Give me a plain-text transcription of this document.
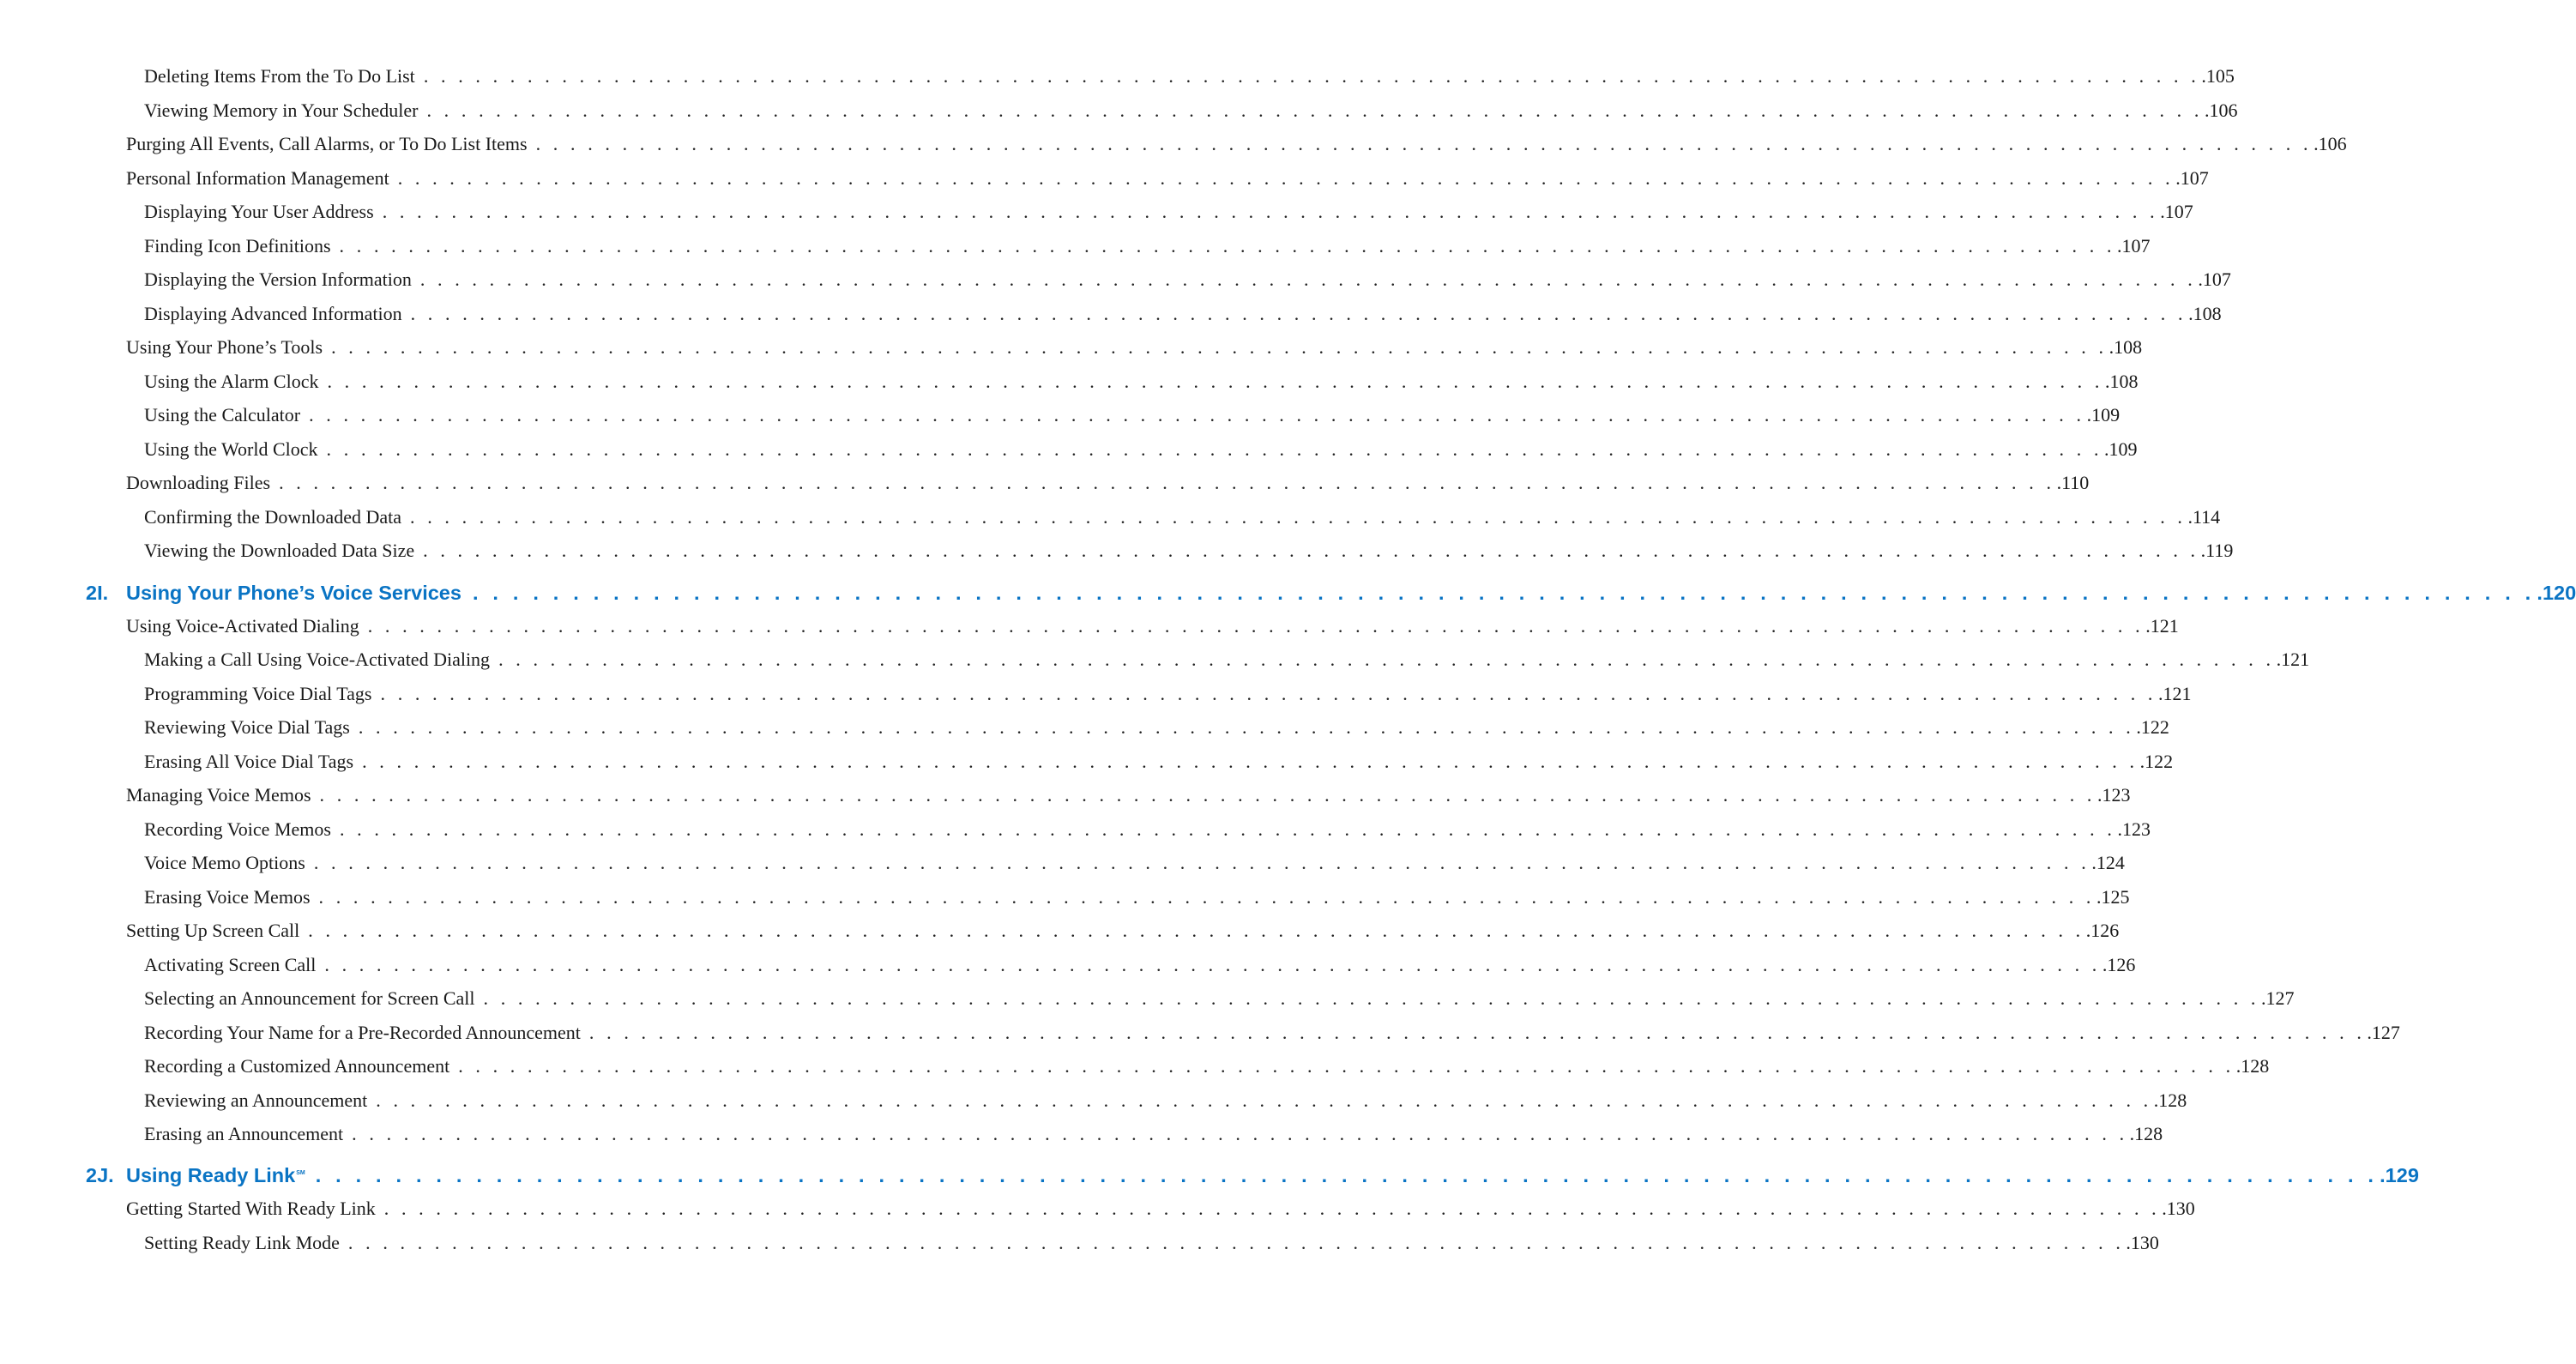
Deleting Items From the To Do List . . . . . . . . . . . . . . . . . . . . . . . . . . . . . . . . . . . . . . . . . . . . . . . . . . . . . . . . . . . . . . . . . . . . . . . . . . . . . . . . . . . . . . . . . . . . . . . . . . . . . . . .105
Viewing Memory in Your Scheduler . . . . . . . . . . . . . . . . . . . . . . . . . . . . . . . . . . . . . . . . . . . . . . . . . . . . . . . . . . . . . . . . . . . . . . . . . . . . . . . . . . . . . . . . . . . . . . . . . . . . . . . .106
Purging All Events, Call Alarms, or To Do List Items . . . . . . . . . . . . . . . . . . . . . . . . . . . . . . . . . . . . . . . . . . . . . . . . . . . . . . . . . . . . . . . . . . . . . . . . . . . . . . . . . . . . . . . . . . . . . . . . . . . . . . . .106
Personal Information Management . . . . . . . . . . . . . . . . . . . . . . . . . . . . . . . . . . . . . . . . . . . . . . . . . . . . . . . . . . . . . . . . . . . . . . . . . . . . . . . . . . . . . . . . . . . . . . . . . . . . . . . .107
Displaying Your User Address . . . . . . . . . . . . . . . . . . . . . . . . . . . . . . . . . . . . . . . . . . . . . . . . . . . . . . . . . . . . . . . . . . . . . . . . . . . . . . . . . . . . . . . . . . . . . . . . . . . . . . . .107
Finding Icon Definitions . . . . . . . . . . . . . . . . . . . . . . . . . . . . . . . . . . . . . . . . . . . . . . . . . . . . . . . . . . . . . . . . . . . . . . . . . . . . . . . . . . . . . . . . . . . . . . . . . . . . . . . .107
Displaying the Version Information . . . . . . . . . . . . . . . . . . . . . . . . . . . . . . . . . . . . . . . . . . . . . . . . . . . . . . . . . . . . . . . . . . . . . . . . . . . . . . . . . . . . . . . . . . . . . . . . . . . . . . . .107
Displaying Advanced Information . . . . . . . . . . . . . . . . . . . . . . . . . . . . . . . . . . . . . . . . . . . . . . . . . . . . . . . . . . . . . . . . . . . . . . . . . . . . . . . . . . . . . . . . . . . . . . . . . . . . . . . .108
Using Your Phone’s Tools . . . . . . . . . . . . . . . . . . . . . . . . . . . . . . . . . . . . . . . . . . . . . . . . . . . . . . . . . . . . . . . . . . . . . . . . . . . . . . . . . . . . . . . . . . . . . . . . . . . . . . . .108
Using the Alarm Clock . . . . . . . . . . . . . . . . . . . . . . . . . . . . . . . . . . . . . . . . . . . . . . . . . . . . . . . . . . . . . . . . . . . . . . . . . . . . . . . . . . . . . . . . . . . . . . . . . . . . . . . .108
Using the Calculator . . . . . . . . . . . . . . . . . . . . . . . . . . . . . . . . . . . . . . . . . . . . . . . . . . . . . . . . . . . . . . . . . . . . . . . . . . . . . . . . . . . . . . . . . . . . . . . . . . . . . . . .109
Using the World Clock . . . . . . . . . . . . . . . . . . . . . . . . . . . . . . . . . . . . . . . . . . . . . . . . . . . . . . . . . . . . . . . . . . . . . . . . . . . . . . . . . . . . . . . . . . . . . . . . . . . . . . . .109
Downloading Files . . . . . . . . . . . . . . . . . . . . . . . . . . . . . . . . . . . . . . . . . . . . . . . . . . . . . . . . . . . . . . . . . . . . . . . . . . . . . . . . . . . . . . . . . . . . . . . . . . . . . . . .110
Confirming the Downloaded Data . . . . . . . . . . . . . . . . . . . . . . . . . . . . . . . . . . . . . . . . . . . . . . . . . . . . . . . . . . . . . . . . . . . . . . . . . . . . . . . . . . . . . . . . . . . . . . . . . . . . . . . .114
Viewing the Downloaded Data Size . . . . . . . . . . . . . . . . . . . . . . . . . . . . . . . . . . . . . . . . . . . . . . . . . . . . . . . . . . . . . . . . . . . . . . . . . . . . . . . . . . . . . . . . . . . . . . . . . . . . . . . .119
2I. Using Your Phone’s Voice Services . . . . . . . . . . . . . . . . . . . . . . . . . . . . . . . . . . . . . . . . . . . . . . . . . . . . . . . . . . . . . . . . . . . . . . . . . . . . . . . . . . . . . . . . . . . . . . . . . . . . . . . .120
Using Voice-Activated Dialing . . . . . . . . . . . . . . . . . . . . . . . . . . . . . . . . . . . . . . . . . . . . . . . . . . . . . . . . . . . . . . . . . . . . . . . . . . . . . . . . . . . . . . . . . . . . . . . . . . . . . . . .121
Making a Call Using Voice-Activated Dialing . . . . . . . . . . . . . . . . . . . . . . . . . . . . . . . . . . . . . . . . . . . . . . . . . . . . . . . . . . . . . . . . . . . . . . . . . . . . . . . . . . . . . . . . . . . . . . . . . . . . . . . .121
Programming Voice Dial Tags . . . . . . . . . . . . . . . . . . . . . . . . . . . . . . . . . . . . . . . . . . . . . . . . . . . . . . . . . . . . . . . . . . . . . . . . . . . . . . . . . . . . . . . . . . . . . . . . . . . . . . . .121
Reviewing Voice Dial Tags . . . . . . . . . . . . . . . . . . . . . . . . . . . . . . . . . . . . . . . . . . . . . . . . . . . . . . . . . . . . . . . . . . . . . . . . . . . . . . . . . . . . . . . . . . . . . . . . . . . . . . . .122
Erasing All Voice Dial Tags . . . . . . . . . . . . . . . . . . . . . . . . . . . . . . . . . . . . . . . . . . . . . . . . . . . . . . . . . . . . . . . . . . . . . . . . . . . . . . . . . . . . . . . . . . . . . . . . . . . . . . . .122
Managing Voice Memos . . . . . . . . . . . . . . . . . . . . . . . . . . . . . . . . . . . . . . . . . . . . . . . . . . . . . . . . . . . . . . . . . . . . . . . . . . . . . . . . . . . . . . . . . . . . . . . . . . . . . . . .123
Recording Voice Memos . . . . . . . . . . . . . . . . . . . . . . . . . . . . . . . . . . . . . . . . . . . . . . . . . . . . . . . . . . . . . . . . . . . . . . . . . . . . . . . . . . . . . . . . . . . . . . . . . . . . . . . .123
Voice Memo Options . . . . . . . . . . . . . . . . . . . . . . . . . . . . . . . . . . . . . . . . . . . . . . . . . . . . . . . . . . . . . . . . . . . . . . . . . . . . . . . . . . . . . . . . . . . . . . . . . . . . . . . .124
Erasing Voice Memos . . . . . . . . . . . . . . . . . . . . . . . . . . . . . . . . . . . . . . . . . . . . . . . . . . . . . . . . . . . . . . . . . . . . . . . . . . . . . . . . . . . . . . . . . . . . . . . . . . . . . . . .125
Setting Up Screen Call . . . . . . . . . . . . . . . . . . . . . . . . . . . . . . . . . . . . . . . . . . . . . . . . . . . . . . . . . . . . . . . . . . . . . . . . . . . . . . . . . . . . . . . . . . . . . . . . . . . . . . . .126
Activating Screen Call . . . . . . . . . . . . . . . . . . . . . . . . . . . . . . . . . . . . . . . . . . . . . . . . . . . . . . . . . . . . . . . . . . . . . . . . . . . . . . . . . . . . . . . . . . . . . . . . . . . . . . . .126
Selecting an Announcement for Screen Call . . . . . . . . . . . . . . . . . . . . . . . . . . . . . . . . . . . . . . . . . . . . . . . . . . . . . . . . . . . . . . . . . . . . . . . . . . . . . . . . . . . . . . . . . . . . . . . . . . . . . . . .127
Recording Your Name for a Pre-Recorded Announcement . . . . . . . . . . . . . . . . . . . . . . . . . . . . . . . . . . . . . . . . . . . . . . . . . . . . . . . . . . . . . . . . . . . . . . . . . . . . . . . . . . . . . . . . . . . . . . . . . . . . . . . .127
Recording a Customized Announcement . . . . . . . . . . . . . . . . . . . . . . . . . . . . . . . . . . . . . . . . . . . . . . . . . . . . . . . . . . . . . . . . . . . . . . . . . . . . . . . . . . . . . . . . . . . . . . . . . . . . . . . .128
Reviewing an Announcement . . . . . . . . . . . . . . . . . . . . . . . . . . . . . . . . . . . . . . . . . . . . . . . . . . . . . . . . . . . . . . . . . . . . . . . . . . . . . . . . . . . . . . . . . . . . . . . . . . . . . . . .128
Erasing an Announcement . . . . . . . . . . . . . . . . . . . . . . . . . . . . . . . . . . . . . . . . . . . . . . . . . . . . . . . . . . . . . . . . . . . . . . . . . . . . . . . . . . . . . . . . . . . . . . . . . . . . . . . .128
2J. Using Ready Link℠ . . . . . . . . . . . . . . . . . . . . . . . . . . . . . . . . . . . . . . . . . . . . . . . . . . . . . . . . . . . . . . . . . . . . . . . . . . . . . . . . . . . . . . . . . . . . . . . . . . . . . . . .129
Getting Started With Ready Link . . . . . . . . . . . . . . . . . . . . . . . . . . . . . . . . . . . . . . . . . . . . . . . . . . . . . . . . . . . . . . . . . . . . . . . . . . . . . . . . . . . . . . . . . . . . . . . . . . . . . . . .130
Setting Ready Link Mode . . . . . . . . . . . . . . . . . . . . . . . . . . . . . . . . . . . . . . . . . . . . . . . . . . . . . . . . . . . . . . . . . . . . . . . . . . . . . . . . . . . . . . . . . . . . . . . . . . . . . . . .130
